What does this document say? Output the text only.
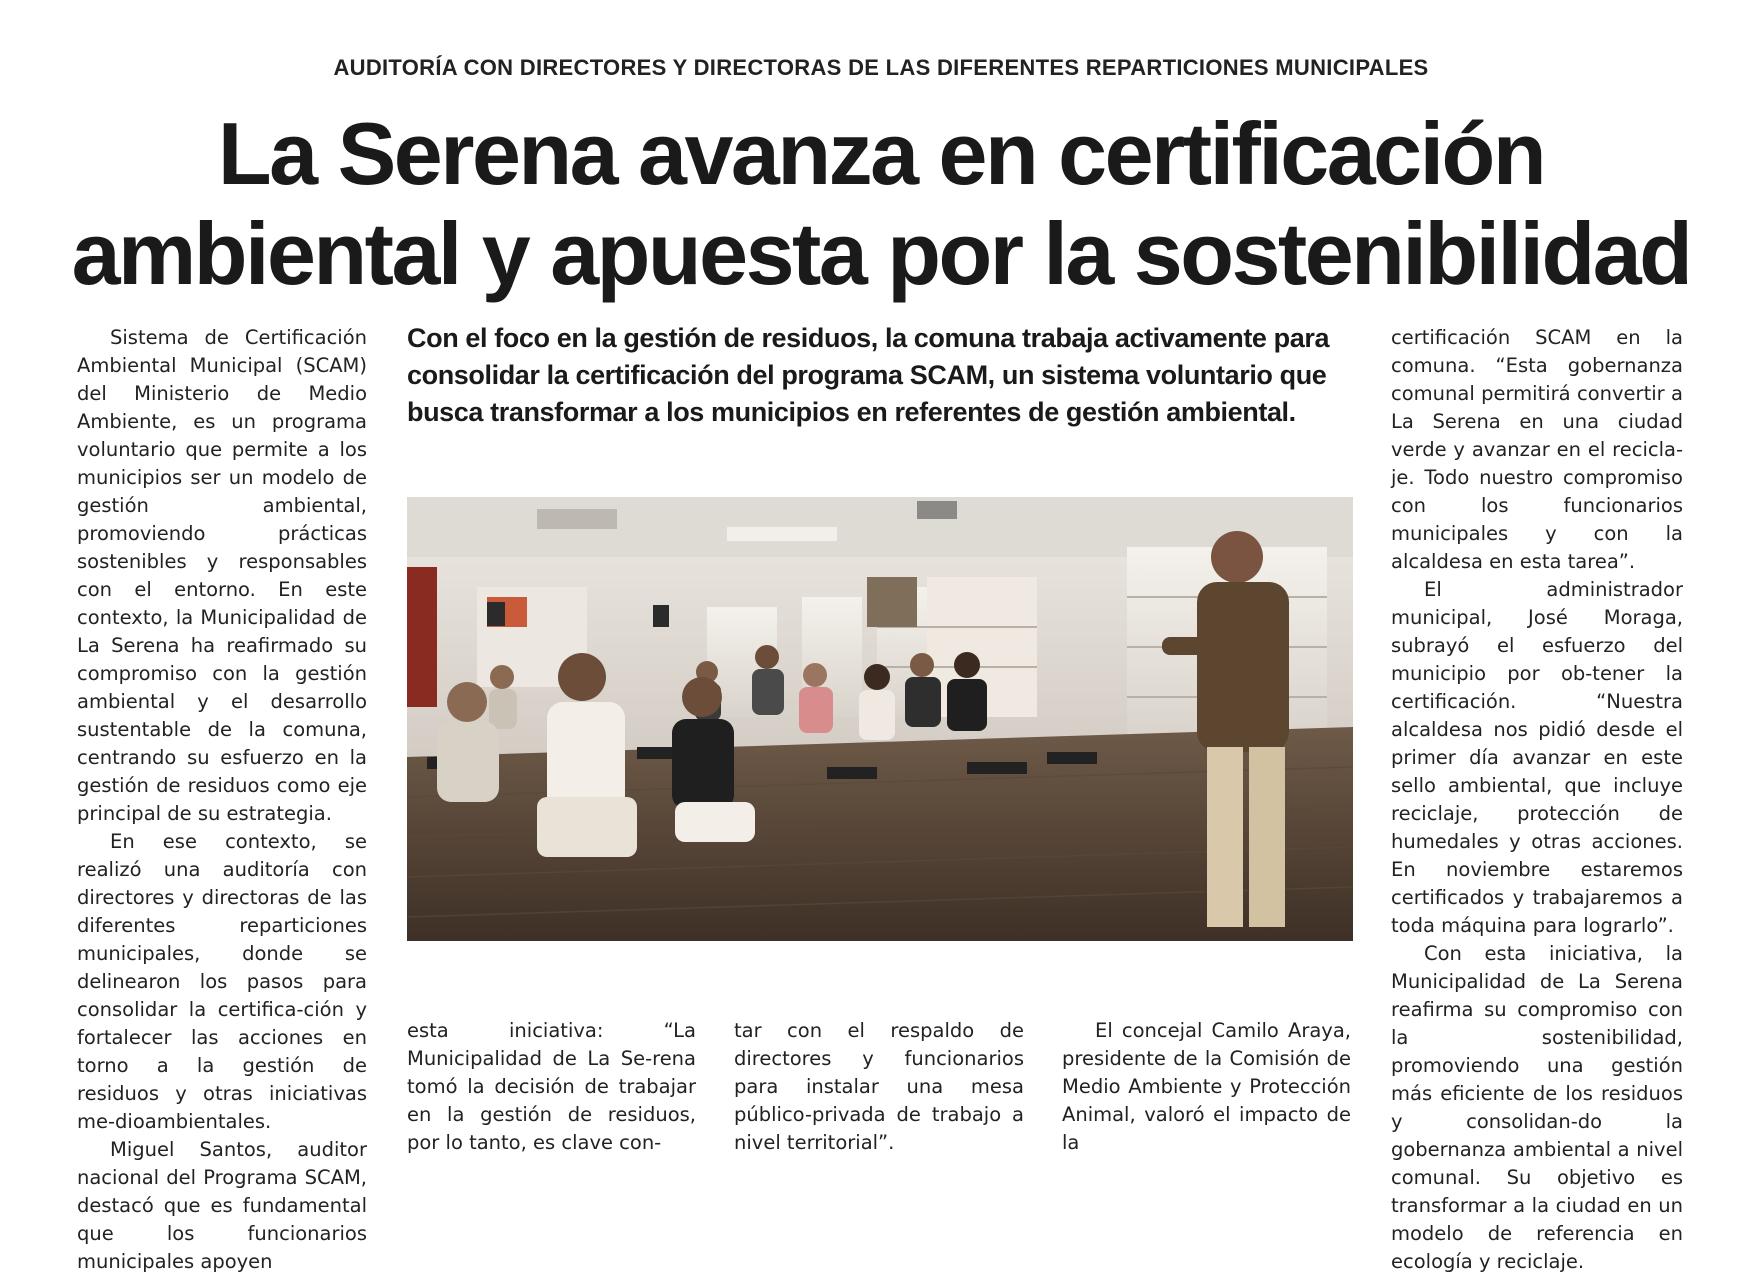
AUDITORÍA CON DIRECTORES Y DIRECTORAS DE LAS DIFERENTES REPARTICIONES MUNICIPALES
La Serena avanza en certificación
ambiental y apuesta por la sostenibilidad
Con el foco en la gestión de residuos, la comuna trabaja activamente para consolidar la certificación del programa SCAM, un sistema voluntario que busca transformar a los municipios en referentes de gestión ambiental.

Sistema de Certificación Ambiental Municipal (SCAM) del Ministerio de Medio Ambiente, es un programa voluntario que permite a los municipios ser un modelo de gestión ambiental, promoviendo prácticas sostenibles y responsables con el entorno. En este contexto, la Municipalidad de La Serena ha reafirmado su compromiso con la gestión ambiental y el desarrollo sustentable de la comuna, centrando su esfuerzo en la gestión de residuos como eje principal de su estrategia.

En ese contexto, se realizó una auditoría con directores y directoras de las diferentes reparticiones municipales, donde se delinearon los pasos para consolidar la certifica-ción y fortalecer las acciones en torno a la gestión de residuos y otras iniciativas me-dioambientales.

Miguel Santos, auditor nacional del Programa SCAM, destacó que es fundamental que los funcionarios municipales apoyen

esta iniciativa: “La Municipalidad de La Se-rena tomó la decisión de trabajar en la gestión de residuos, por lo tanto, es clave con-
tar con el respaldo de directores y funcionarios para instalar una mesa público-privada de trabajo a nivel territorial”.

El concejal Camilo Araya, presidente de la Comisión de Medio Ambiente y Protección Animal, valoró el impacto de la

certificación SCAM en la comuna. “Esta gobernanza comunal permitirá convertir a La Serena en una ciudad verde y avanzar en el recicla-je. Todo nuestro compromiso con los funcionarios municipales y con la alcaldesa en esta tarea”.

El administrador municipal, José Moraga, subrayó el esfuerzo del municipio por ob-tener la certificación. “Nuestra alcaldesa nos pidió desde el primer día avanzar en este sello ambiental, que incluye reciclaje, protección de humedales y otras acciones. En noviembre estaremos certificados y trabajaremos a toda máquina para lograrlo”.

Con esta iniciativa, la Municipalidad de La Serena reafirma su compromiso con la sostenibilidad, promoviendo una gestión más eficiente de los residuos y consolidan-do la gobernanza ambiental a nivel comunal. Su objetivo es transformar a la ciudad en un modelo de referencia en ecología y reciclaje.
